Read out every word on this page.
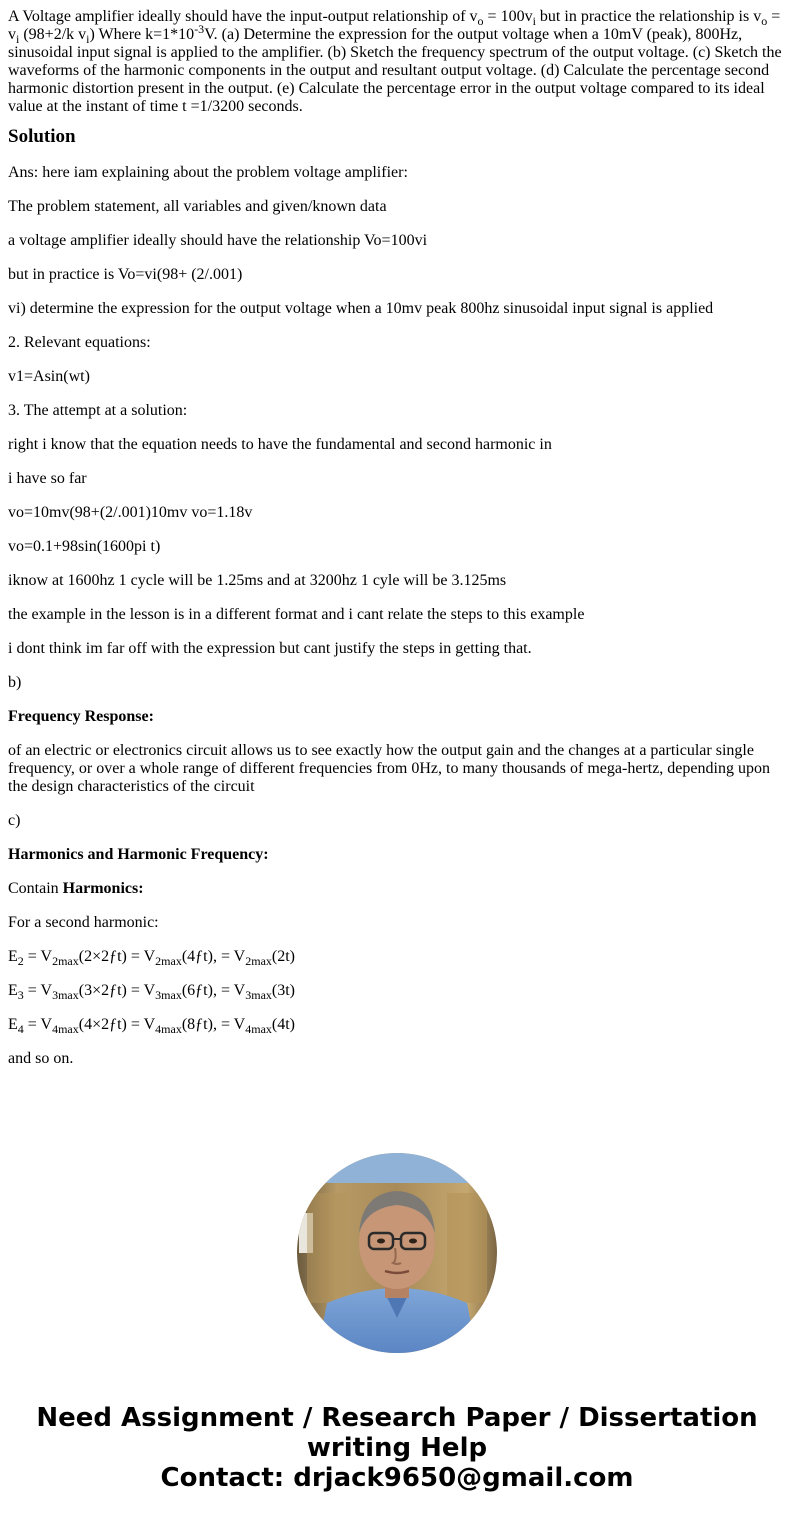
A Voltage amplifier ideally should have the input-output relationship of $v_o = 100v_i$ but in practice the relationship is $v_o = v_i$ (98+2/k $v_i$) Where $k=1*10^{-3}V$. (a) Determine the expression for the output voltage when a 10mV (peak), 800Hz, sinusoidal input signal is applied to the amplifier. (b) Sketch the frequency spectrum of the output voltage. (c) Sketch the waveforms of the harmonic components in the output and resultant output voltage. (d) Calculate the percentage second harmonic distortion present in the output. (e) Calculate the percentage error in the output voltage compared to its ideal value at the instant of time t =1/3200 seconds.

Solution

Ans: here iam explaining about the problem voltage amplifier:

The problem statement, all variables and given/known data

a voltage amplifier ideally should have the relationship Vo=100vi

but in practice is Vo=vi(98+ (2/.001)

vi) determine the expression for the output voltage when a 10mv peak 800hz sinusoidal input signal is applied

2. Relevant equations:

v1=Asin(wt)

3. The attempt at a solution:

right i know that the equation needs to have the fundamental and second harmonic in

i have so far

vo=10mv(98+(2/.001)10mv vo=1.18v

vo=0.1+98sin(1600pi t)

iknow at 1600hz 1 cycle will be 1.25ms and at 3200hz 1 cyle will be 3.125ms

the example in the lesson is in a different format and i cant relate the steps to this example

i dont think im far off with the expression but cant justify the steps in getting that.

b)

Frequency Response:

of an electric or electronics circuit allows us to see exactly how the output gain and the changes at a particular single frequency, or over a whole range of different frequencies from 0Hz, to many thousands of mega-hertz, depending upon the design characteristics of the circuit

c)

Harmonics and Harmonic Frequency:

Contain Harmonics:

For a second harmonic:

$E_2$ = $V_{2max}(2\times 2ƒt)$ = $V_{2max}(4ƒt)$, = $V_{2max}(2t)$

$E_3$ = $V_{3max}(3\times 2ƒt)$ = $V_{3max}(6ƒt)$, = $V_{3max}(3t)$

$E_4$ = $V_{4max}(4\times 2ƒt)$ = $V_{4max}(8ƒt)$, = $V_{4max}(4t)$

and so on.

Need Assignment / Research Paper / Dissertation
writing Help
Contact: drjack9650@gmail.com
